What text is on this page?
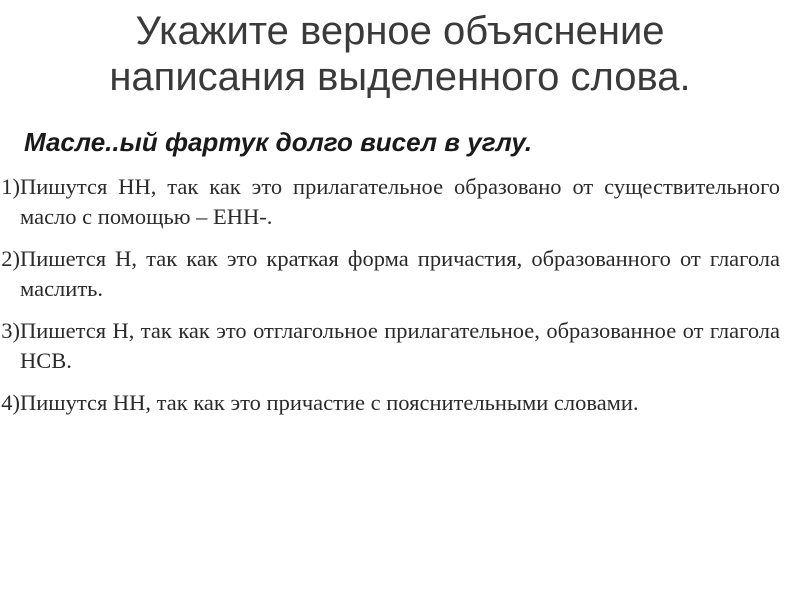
Укажите верное объяснение
написания выделенного слова.
Масле..ый фартук долго висел в углу.
1) Пишутся НН, так как это прилагательное образовано от существительного масло с помощью – ЕНН-.
2) Пишется Н, так как это краткая форма причастия, образованного от глагола маслить.
3) Пишется Н, так как это отглагольное прилагательное, образованное от глагола НСВ.
4) Пишутся НН, так как это причастие с пояснительными словами.
